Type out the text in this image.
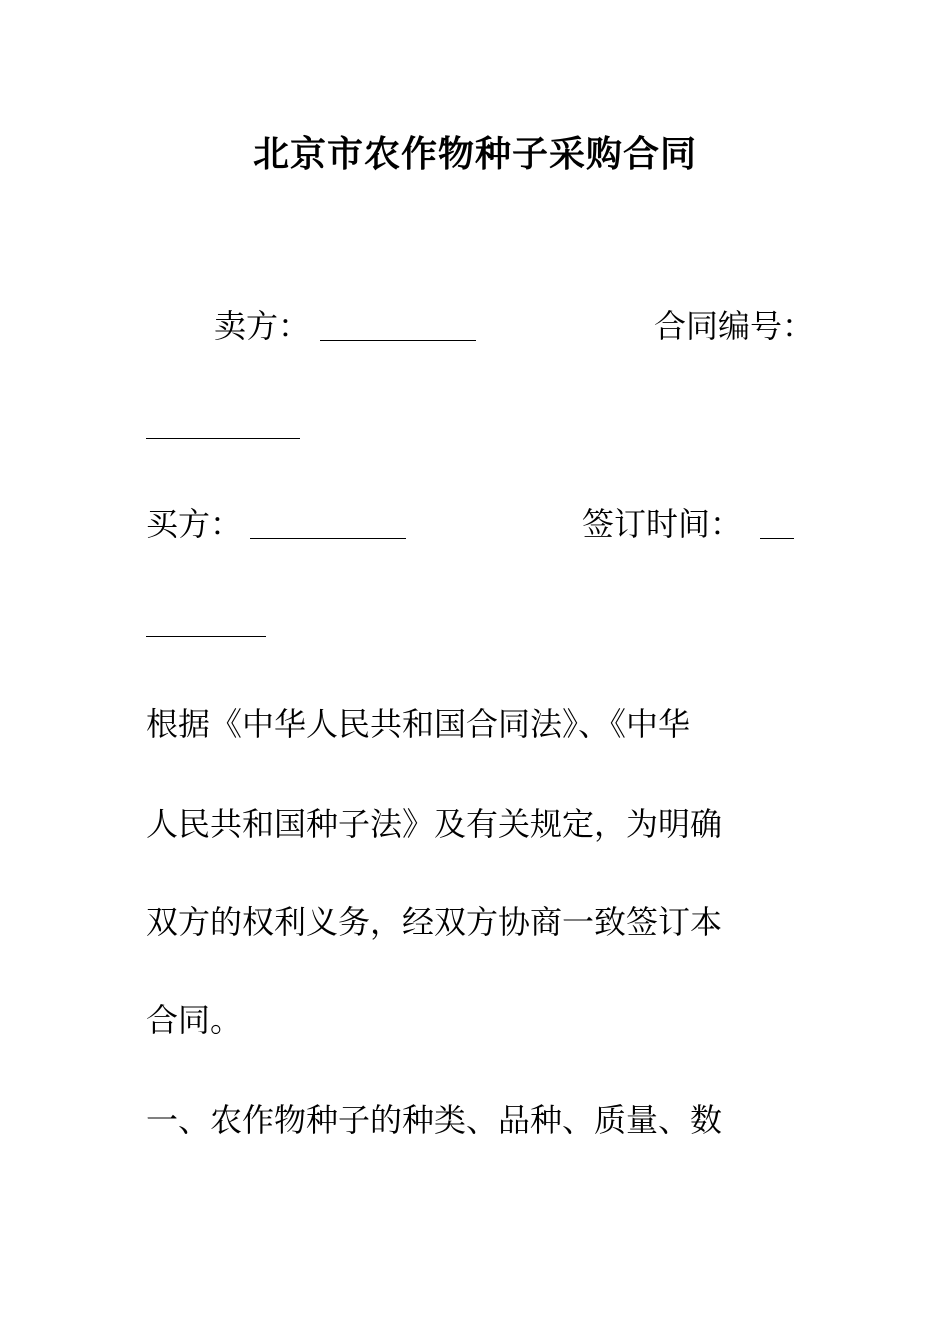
北京市农作物种子采购合同
卖方：	合同编号：
买方：	签订时间：
根据《中华人民共和国合同法》、《中华
人民共和国种子法》及有关规定，为明确
双方的权利义务，经双方协商一致签订本
合同。
一、农作物种子的种类、品种、质量、数
